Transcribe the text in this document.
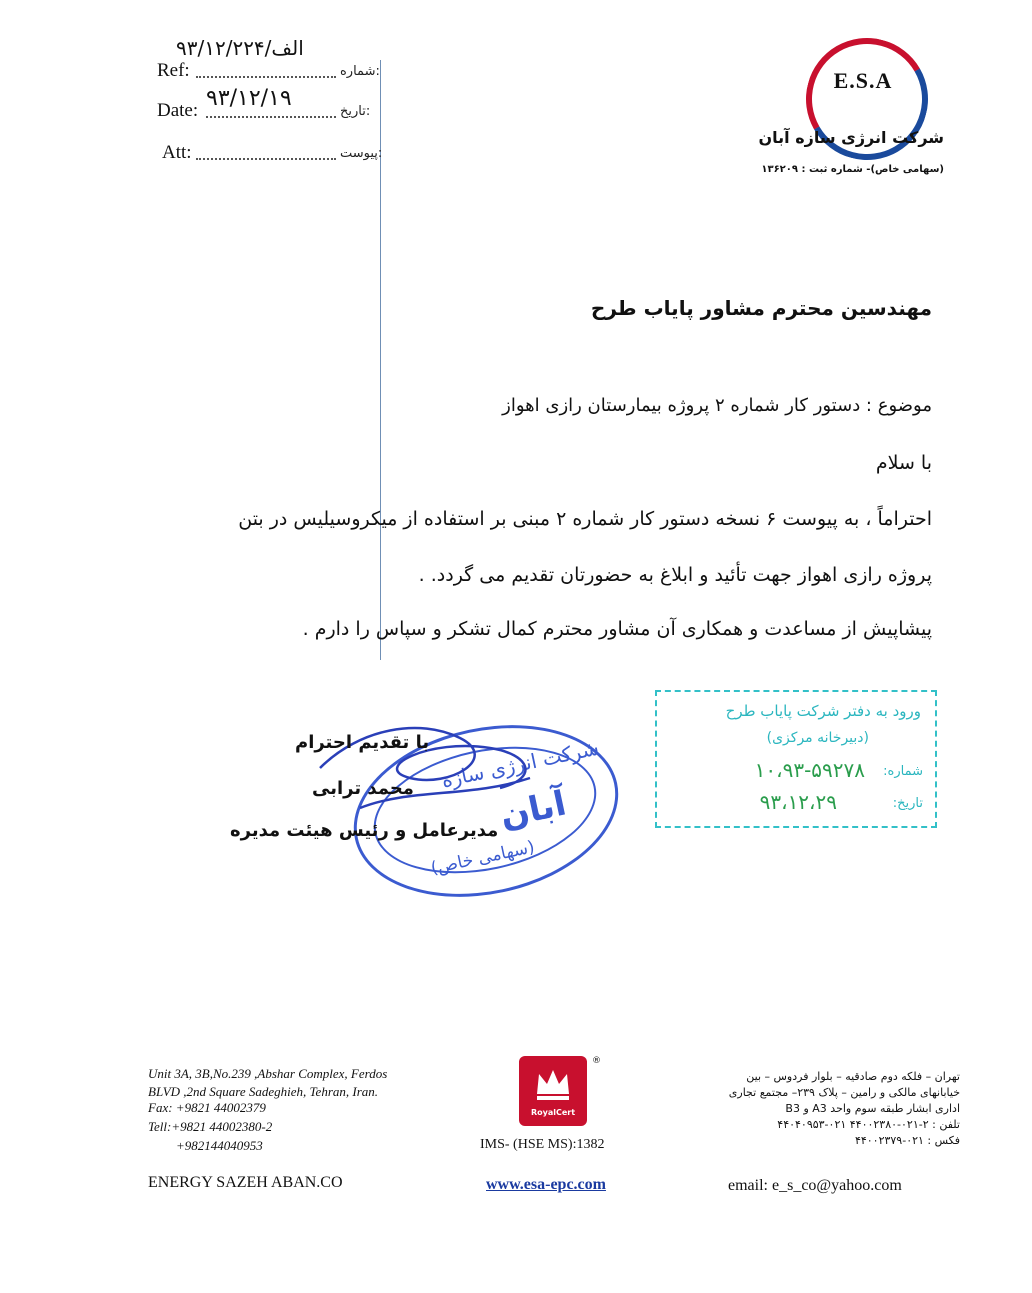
۹۳/۱۲/۲۲۴/الف
Ref:	شماره:
۹۳/۱۲/۱۹
Date:	تاریخ:
Att:	پیوست:
E.S.A
شرکت انرژی سازه آبان
(سهامی خاص)- شماره ثبت : ۱۳۶۲۰۹
مهندسین محترم مشاور پایاب طرح
موضوع : دستور کار شماره ۲ پروژه بیمارستان رازی اهواز
با سلام
احتراماً ، به پیوست ۶ نسخه دستور کار شماره ۲ مبنی بر استفاده از میکروسیلیس در بتن
پروژه رازی اهواز جهت تأئید و ابلاغ به حضورتان تقدیم می گردد. .
پیشاپیش از مساعدت و همکاری آن مشاور محترم کمال تشکر و سپاس را دارم .
شرکت انرژی سازه
آبان
(سهامی خاص)
با تقدیم احترام
محمد ترابی
مدیرعامل و رئیس هیئت مدیره
ورود به دفتر شرکت پایاب طرح
(دبیرخانه مرکزی)
شماره:
۱۰،۹۳-۵۹۲۷۸
تاریخ:
۹۳،۱۲،۲۹
Unit 3A, 3B,No.239 ,Abshar Complex, Ferdos
BLVD ,2nd Square Sadeghieh, Tehran, Iran.
Fax: +9821 44002379
Tell:+9821 44002380-2
+982144040953
ENERGY SAZEH ABAN.CO
RoyalCert
®
IMS- (HSE MS):1382
www.esa-epc.com
تهران – فلکه دوم صادقیه – بلوار فردوس – بین
خیابانهای مالکی و رامین – پلاک ۲۳۹– مجتمع تجاری
اداری ابشار طبقه سوم واحد A3 و B3
تلفن : ۲-۰۲۱-۴۴۰۰۲۳۸۰ ۰۲۱-۴۴۰۴۰۹۵۳
فکس : ۰۲۱-۴۴۰۰۲۳۷۹
email: e_s_co@yahoo.com
